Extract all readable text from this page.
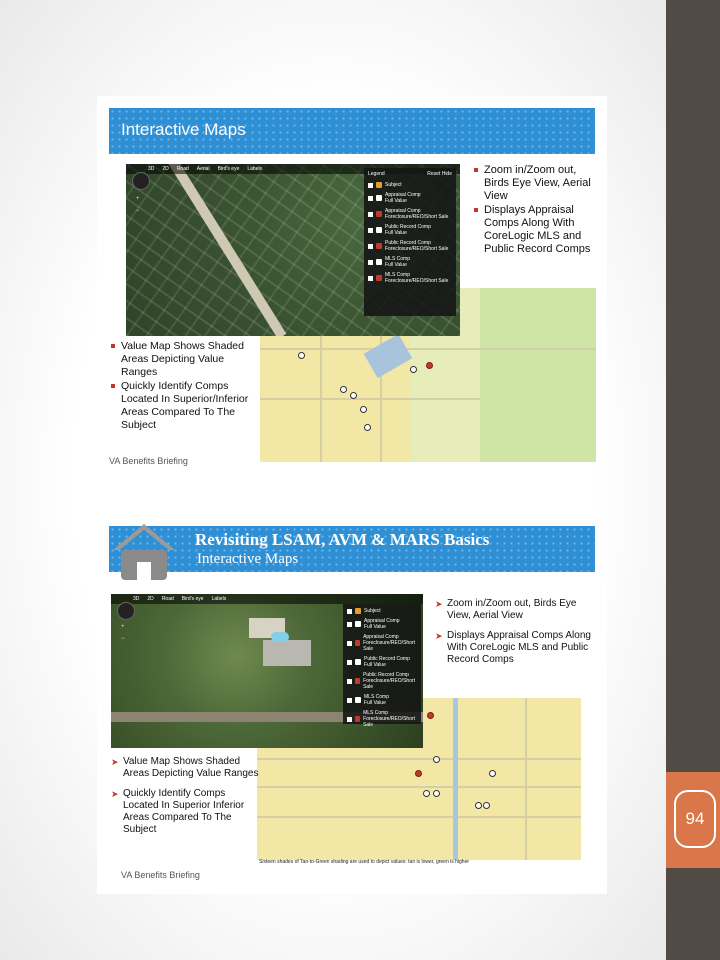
94
Interactive Maps
3D 2D Road Aerial Bird's eye Labels
+
−
Legend	Reset Hide
Subject
Appraisal Comp
Full Value
Appraisal Comp
Foreclosure/REO/Short Sale
Public Record Comp
Full Value
Public Record Comp
Foreclosure/REO/Short Sale
MLS Comp
Full Value
MLS Comp
Foreclosure/REO/Short Sale
Zoom in/Zoom out, Birds Eye View, Aerial View
Displays Appraisal Comps Along With CoreLogic MLS and Public Record Comps
Value Map Shows Shaded Areas Depicting Value Ranges
Quickly Identify Comps Located In Superior/Inferior Areas Compared To The Subject
VA Benefits Briefing
Revisiting LSAM, AVM & MARS Basics
Interactive Maps
3D 2D Road Bird's eye Labels
+
−
Subject
Appraisal Comp
Full Value
Appraisal Comp
Foreclosure/REO/Short Sale
Public Record Comp
Full Value
Public Record Comp
Foreclosure/REO/Short Sale
MLS Comp
Full Value
MLS Comp
Foreclosure/REO/Short Sale
➤ Zoom in/Zoom out, Birds Eye View, Aerial View
➤ Displays Appraisal Comps Along With CoreLogic MLS and Public Record Comps
➤ Value Map Shows Shaded Areas Depicting Value Ranges
➤ Quickly Identify Comps Located In Superior Inferior Areas Compared To The Subject
Sixteen shades of Tan-to-Green shading are used to depict values: tan is lower, green is higher
VA Benefits Briefing
